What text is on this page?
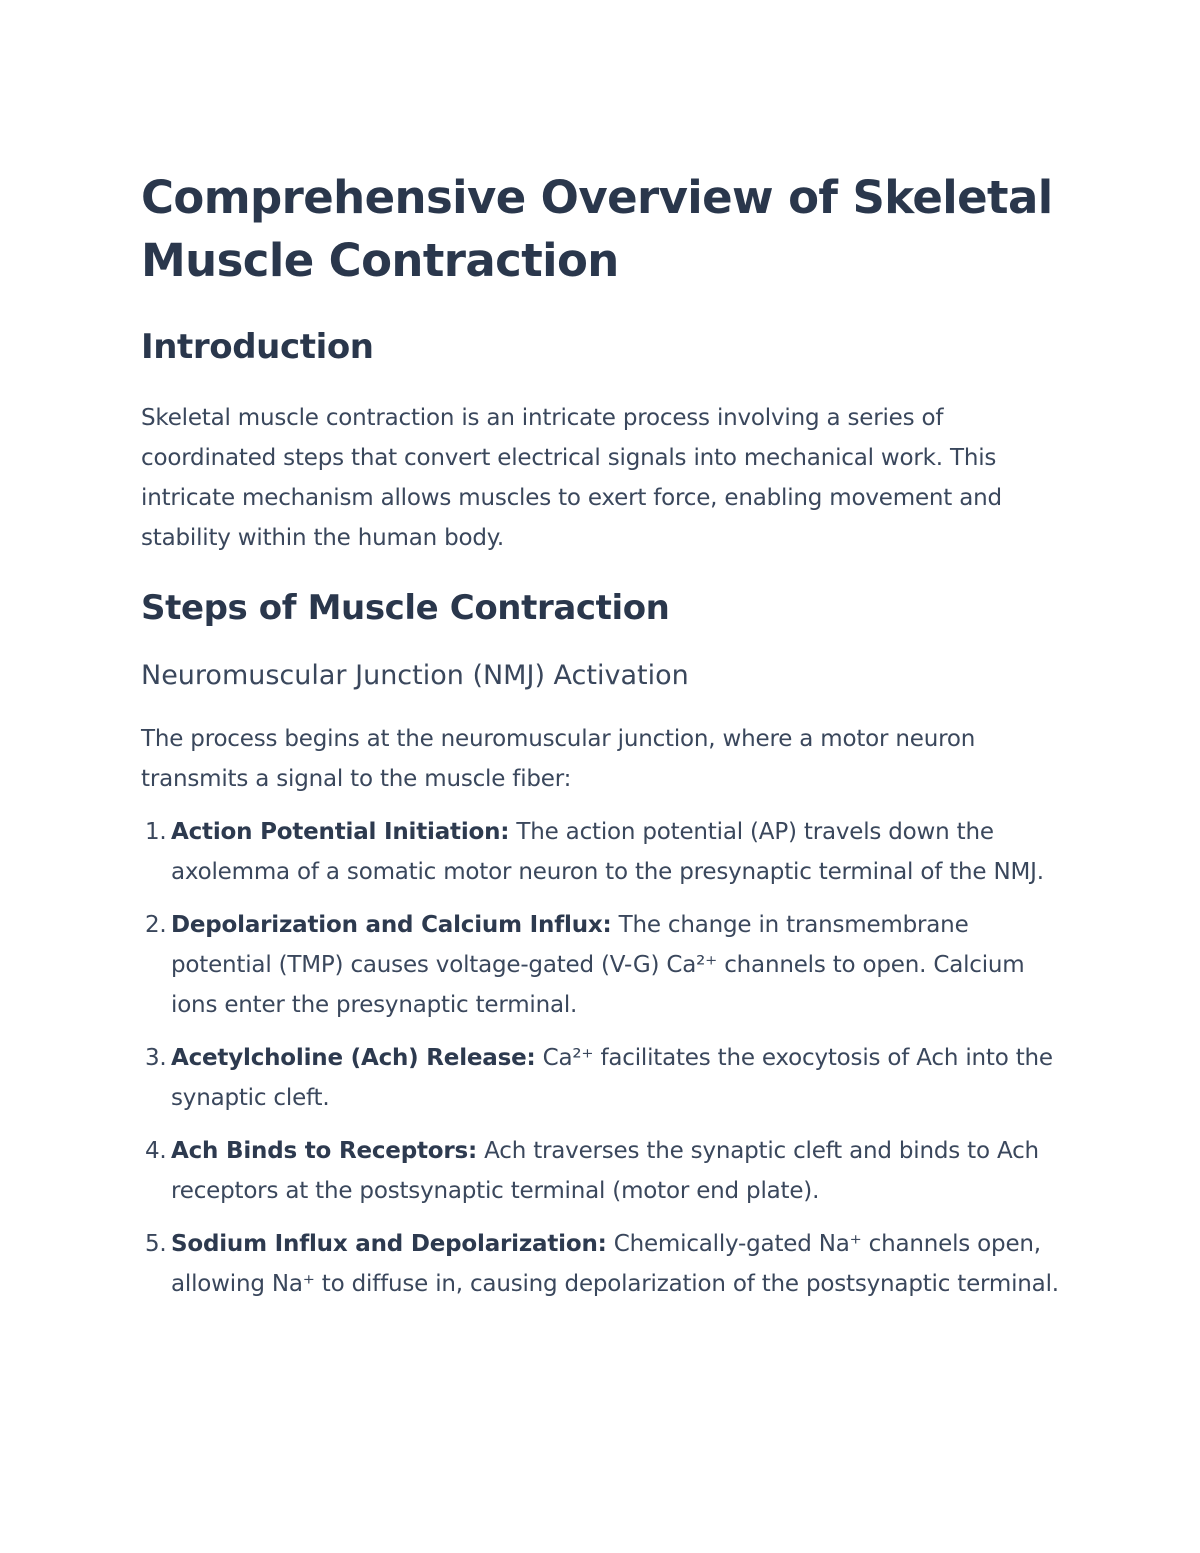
Comprehensive Overview of Skeletal Muscle Contraction
Introduction

Skeletal muscle contraction is an intricate process involving a series of coordinated steps that convert electrical signals into mechanical work. This intricate mechanism allows muscles to exert force, enabling movement and stability within the human body.

Steps of Muscle Contraction
Neuromuscular Junction (NMJ) Activation

The process begins at the neuromuscular junction, where a motor neuron transmits a signal to the muscle fiber:

1. Action Potential Initiation: The action potential (AP) travels down the axolemma of a somatic motor neuron to the presynaptic terminal of the NMJ.
2. Depolarization and Calcium Influx: The change in transmembrane potential (TMP) causes voltage-gated (V-G) Ca²⁺ channels to open. Calcium ions enter the presynaptic terminal.
3. Acetylcholine (Ach) Release: Ca²⁺ facilitates the exocytosis of Ach into the synaptic cleft.
4. Ach Binds to Receptors: Ach traverses the synaptic cleft and binds to Ach receptors at the postsynaptic terminal (motor end plate).
5. Sodium Influx and Depolarization: Chemically-gated Na⁺ channels open, allowing Na⁺ to diffuse in, causing depolarization of the postsynaptic terminal.
